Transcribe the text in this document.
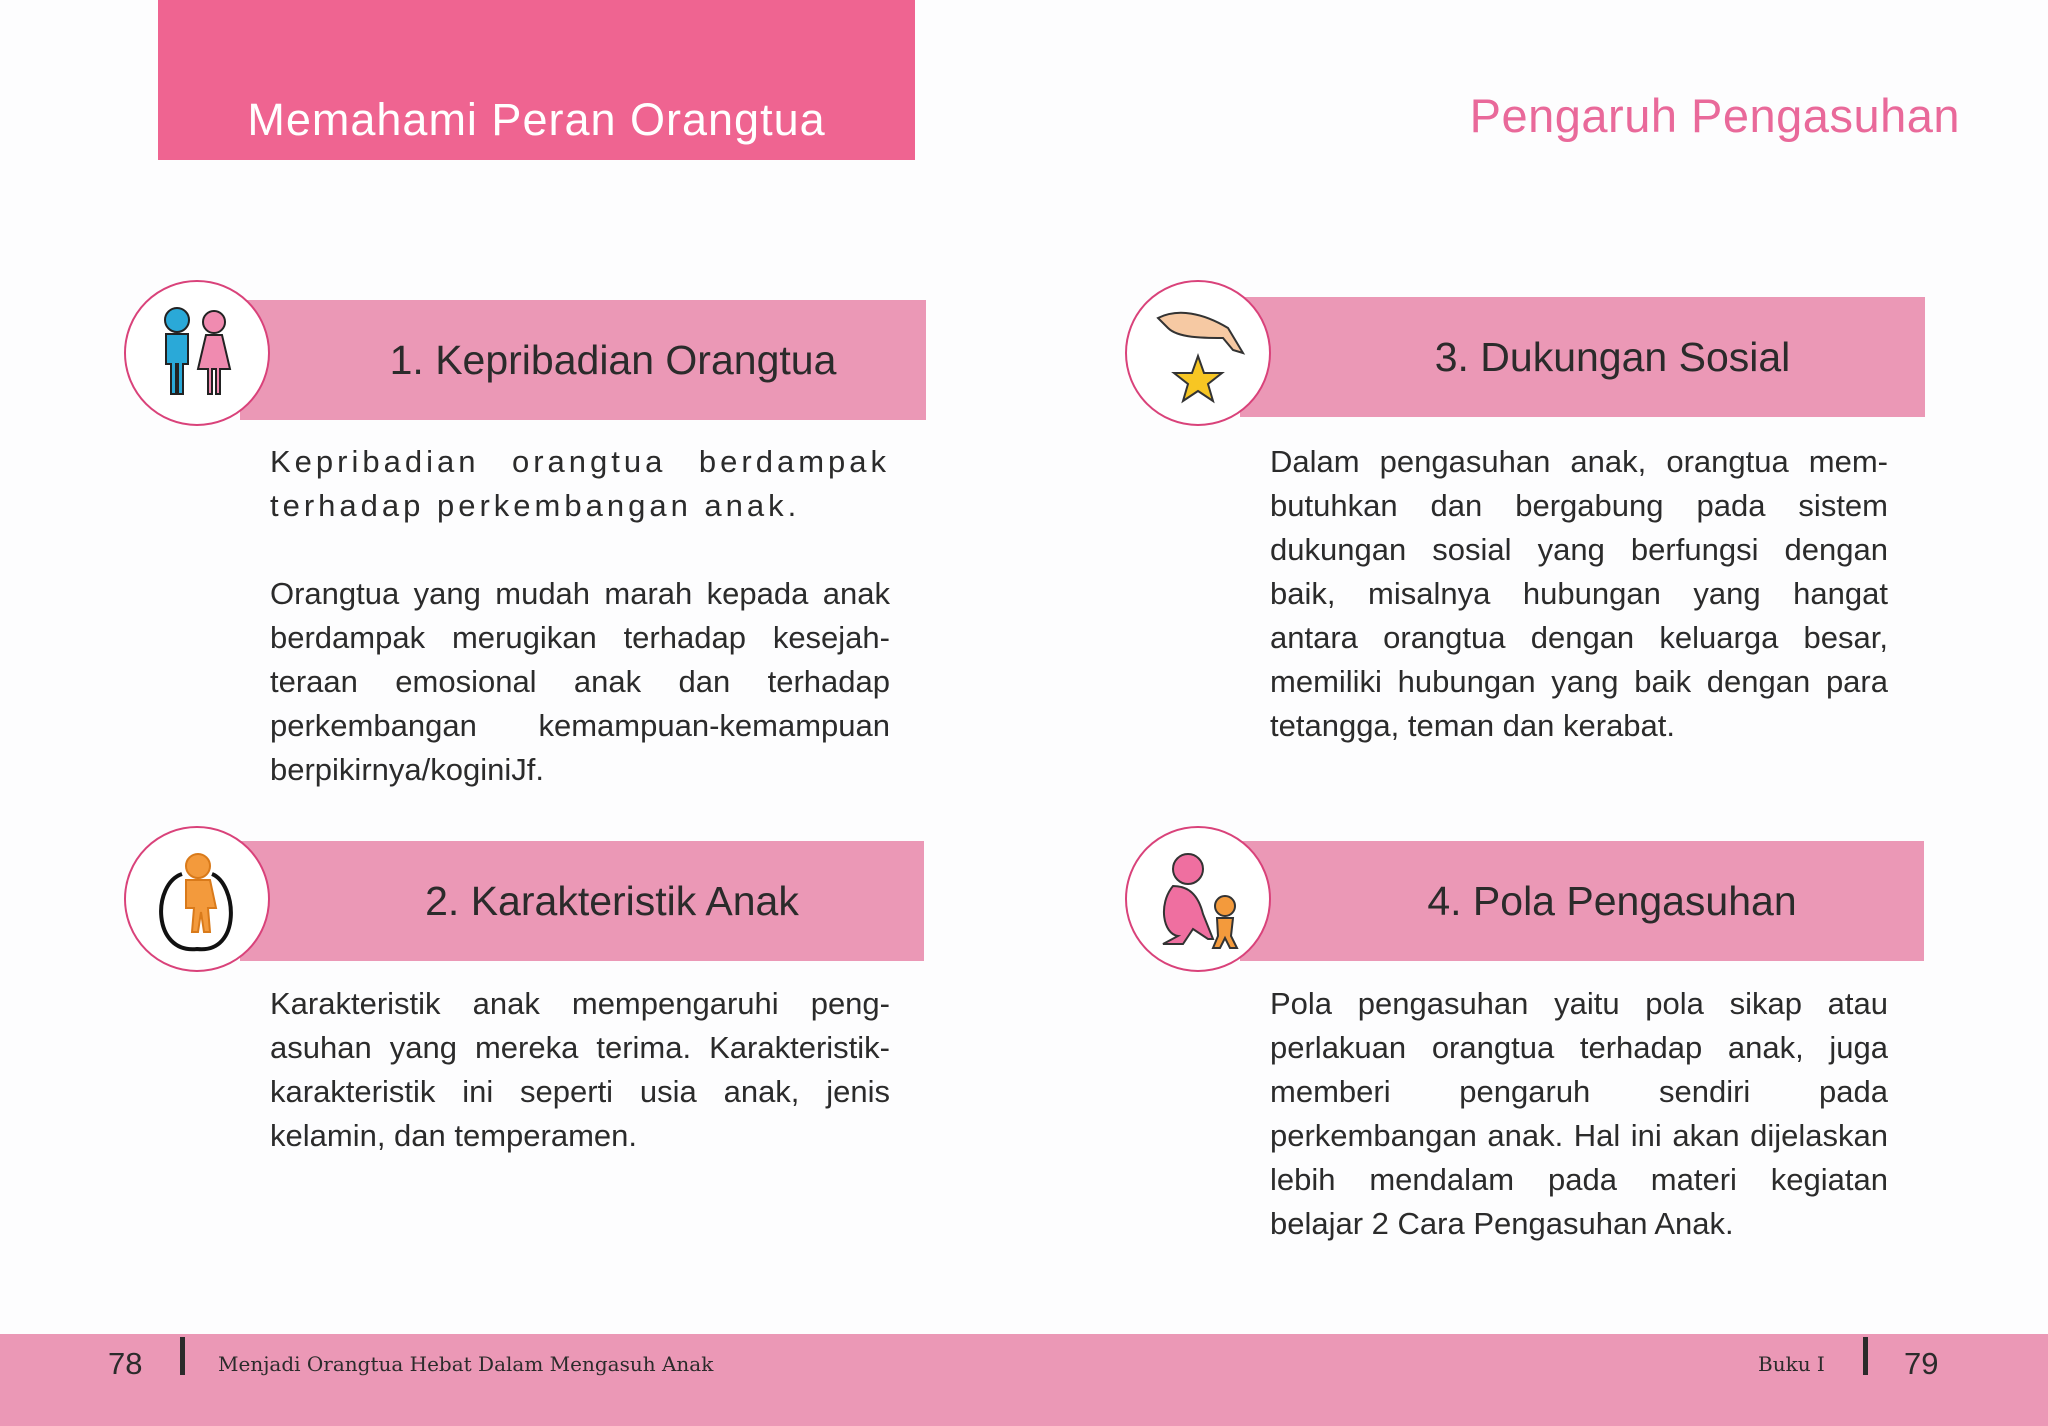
Memahami Peran Orangtua	Pengaruh Pengasuhan
1. Kepribadian Orangtua

Kepribadian orangtua berdampak terhadap perkembangan anak.

Orangtua yang mudah marah kepada anak berdampak merugikan terhadap kesejah-teraan emosional anak dan terhadap perkembangan kemampuan-kemampuan berpikirnya/koginiJf.

2. Karakteristik Anak

Karakteristik anak mempengaruhi peng-asuhan yang mereka terima. Karakteristik-karakteristik ini seperti usia anak, jenis kelamin, dan temperamen.

3. Dukungan Sosial

Dalam pengasuhan anak, orangtua mem-butuhkan dan bergabung pada sistem dukungan sosial yang berfungsi dengan baik, misalnya hubungan yang hangat antara orangtua dengan keluarga besar, memiliki hubungan yang baik dengan para tetangga, teman dan kerabat.

4. Pola Pengasuhan

Pola pengasuhan yaitu pola sikap atau perlakuan orangtua terhadap anak, juga memberi pengaruh sendiri pada perkembangan anak. Hal ini akan dijelaskan lebih mendalam pada materi kegiatan belajar 2 Cara Pengasuhan Anak.

78	Menjadi Orangtua Hebat Dalam Mengasuh Anak	Buku I	79
